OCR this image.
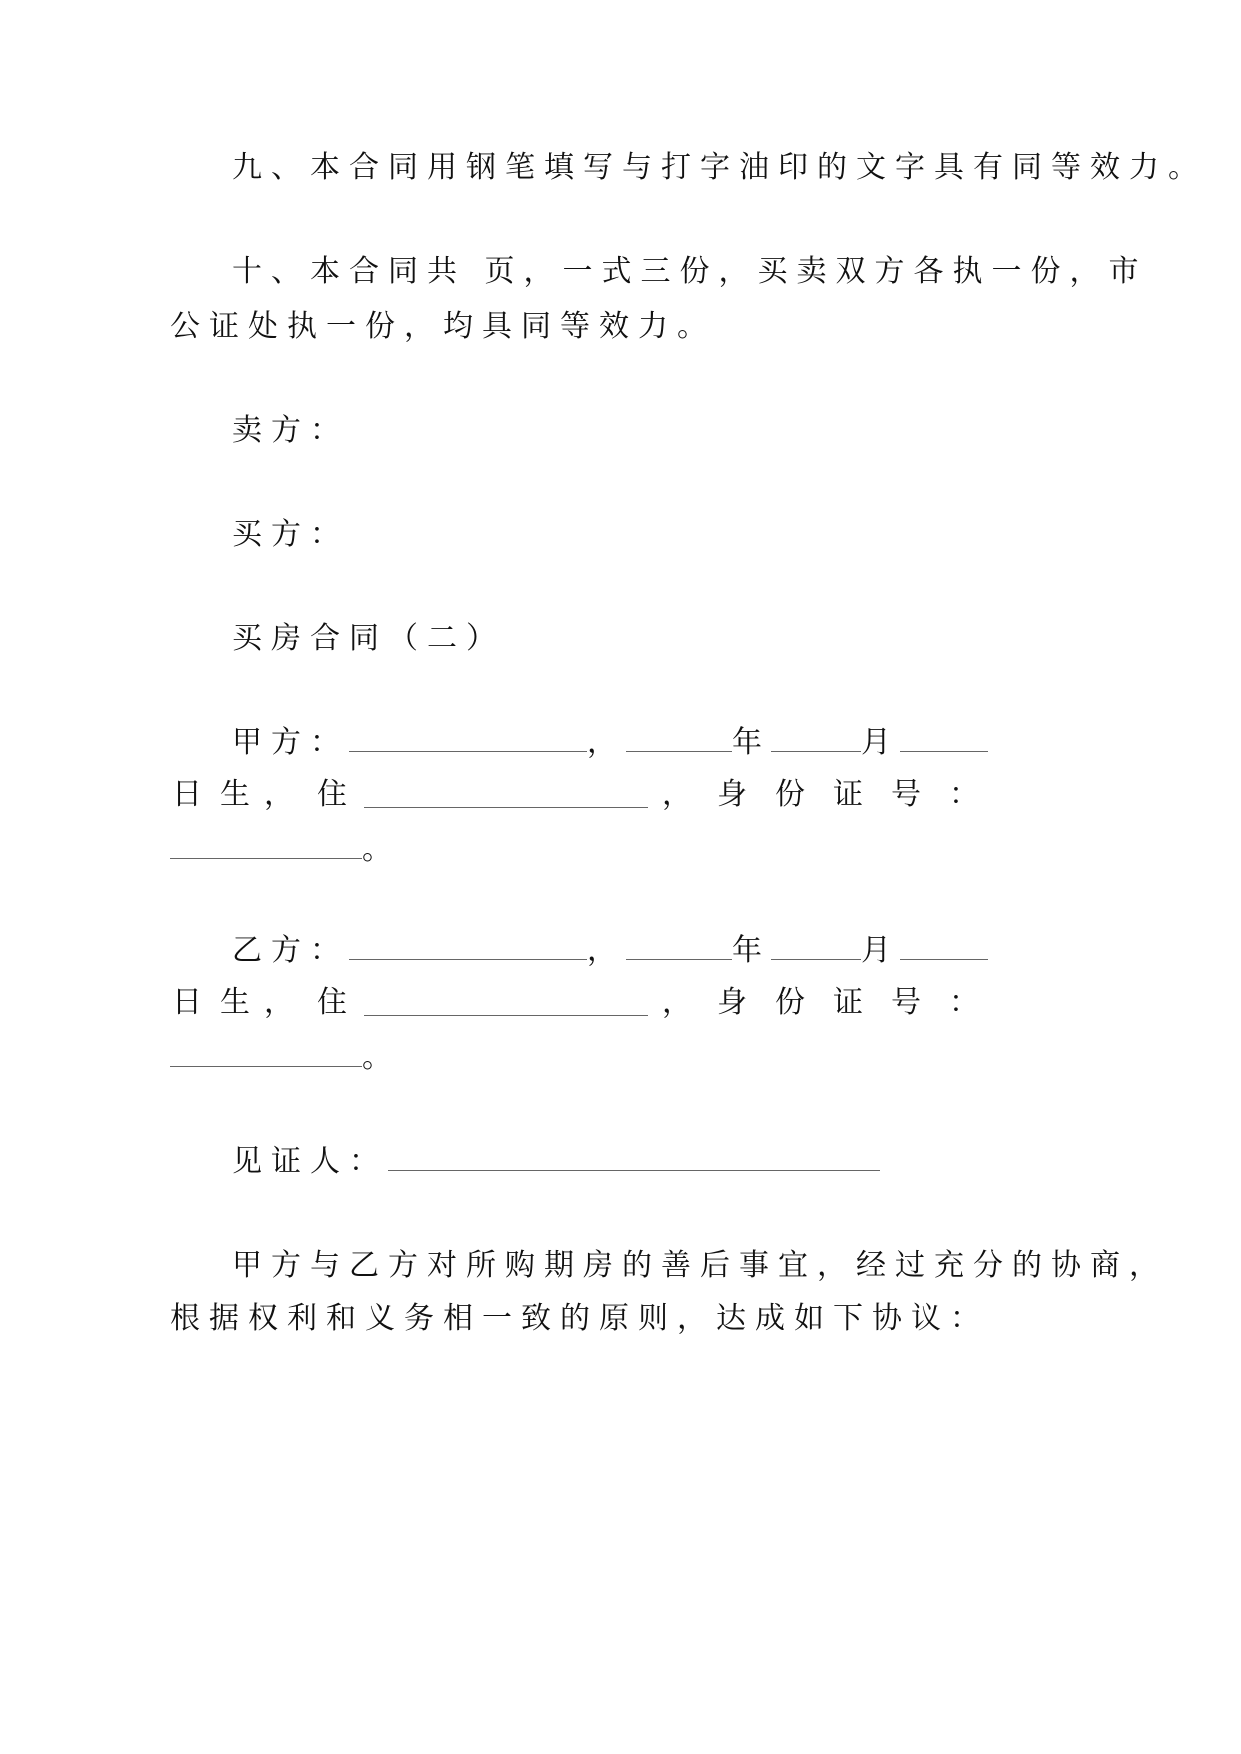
九、本合同用钢笔填写与打字油印的文字具有同等效力。
十、本合同共 页，一式三份，买卖双方各执一份，市
公证处执一份，均具同等效力。
卖方：
买方：
买房合同（二）
甲方：	，	年	月
日 生 ， 住	， 身份证号：
。
乙方：	，	年	月
日 生 ， 住	， 身份证号：
。
见证人：
甲方与乙方对所购期房的善后事宜，经过充分的协商，
根据权利和义务相一致的原则，达成如下协议：
